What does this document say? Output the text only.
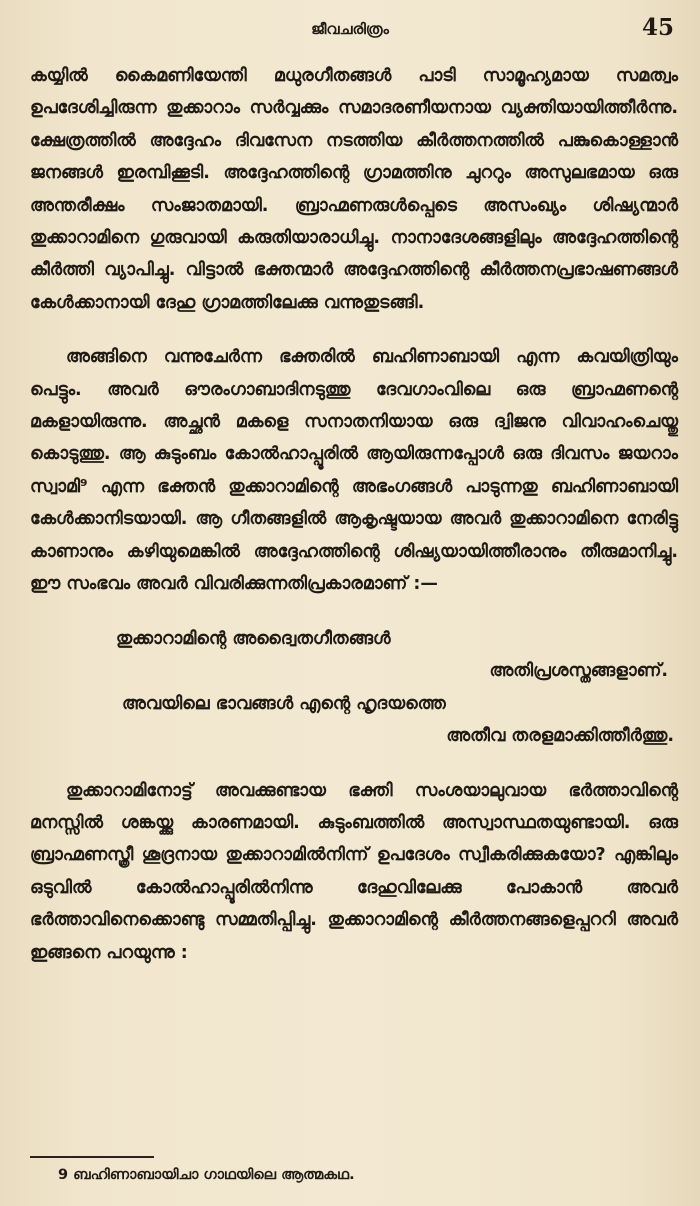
ജീവചരിത്രം	45

കയ്യിൽ കൈമണിയേന്തി മധുരഗീതങ്ങൾ പാടി സാമൂഹ്യമായ സമത്വം ഉപദേശിച്ചിരുന്ന തുക്കാറാം സർവ്വക്കും സമാദരണീയനായ വ്യക്തിയായിത്തീർന്നു. ക്ഷേത്രത്തിൽ അദ്ദേഹം ദിവസേന നടത്തിയ കീർത്തനത്തിൽ പങ്കുകൊള്ളാൻ ജനങ്ങൾ ഇരമ്പിക്കൂടി. അദ്ദേഹത്തിന്റെ ഗ്രാമത്തിനു ചുററും അസുലഭമായ ഒരു അന്തരീക്ഷം സംജാതമായി. ബ്രാഹ്മണരുൾപ്പെടെ അസംഖ്യം ശിഷ്യന്മാർ തുക്കാറാമിനെ ഗുരുവായി കരുതിയാരാധിച്ചു. നാനാദേശങ്ങളിലും അദ്ദേഹത്തിന്റെ കീർത്തി വ്യാപിച്ചു. വിട്ടാൽ ഭക്തന്മാർ അദ്ദേഹത്തിന്റെ കീർത്തനപ്രഭാഷണങ്ങൾ കേൾക്കാനായി ദേഹു ഗ്രാമത്തിലേക്കു വന്നുതുടങ്ങി.

അങ്ങിനെ വന്നുചേർന്ന ഭക്തരിൽ ബഹിണാബായി എന്ന കവയിത്രിയും പെട്ടും. അവർ ഔരംഗാബാദിനടുത്തു ദേവഗാംവിലെ ഒരു ബ്രാഹ്മണന്റെ മകളായിരുന്നു. അച്ഛൻ മകളെ സനാതനിയായ ഒരു ദ്വിജനു വിവാഹംചെയ്തു കൊടുത്തു. ആ കുടുംബം കോൽഹാപ്പൂരിൽ ആയിരുന്നപ്പോൾ ഒരു ദിവസം ജയറാം സ്വാമി⁹ എന്ന ഭക്തൻ തുക്കാറാമിന്റെ അഭംഗങ്ങൾ പാടുന്നതു ബഹിണാബായി കേൾക്കാനിടയായി. ആ ഗീതങ്ങളിൽ ആകൃഷ്ടയായ അവർ തുക്കാറാമിനെ നേരിട്ടു കാണാനും കഴിയുമെങ്കിൽ അദ്ദേഹത്തിന്റെ ശിഷ്യയായിത്തീരാനും തീരുമാനിച്ചു. ഈ സംഭവം അവർ വിവരിക്കുന്നതിപ്രകാരമാണ് :—

തുക്കാറാമിന്റെ അദ്വൈതഗീതങ്ങൾ
അതിപ്രശസ്തങ്ങളാണ്.
അവയിലെ ഭാവങ്ങൾ എന്റെ ഹൃദയത്തെ
അതീവ തരളമാക്കിത്തീർത്തു.

തുക്കാറാമിനോട്ട് അവക്കുണ്ടായ ഭക്തി സംശയാലുവായ ഭർത്താവിന്റെ മനസ്സിൽ ശങ്കയ്ക്കു കാരണമായി. കുടുംബത്തിൽ അസ്വാസ്ഥതയുണ്ടായി. ഒരു ബ്രാഹ്മണസ്ത്രീ ശൂദ്രനായ തുക്കാറാമിൽനിന്ന് ഉപദേശം സ്വീകരിക്കുകയോ? എങ്കിലും ഒടുവിൽ കോൽഹാപ്പൂരിൽനിന്നു ദേഹുവിലേക്കു പോകാൻ അവർ ഭർത്താവിനെക്കൊണ്ടു സമ്മതിപ്പിച്ചു. തുക്കാറാമിന്റെ കീർത്തനങ്ങളെപ്പററി അവർ ഇങ്ങനെ പറയുന്നു :

9 ബഹിണാബായിചാ ഗാഥയിലെ ആത്മകഥ.
